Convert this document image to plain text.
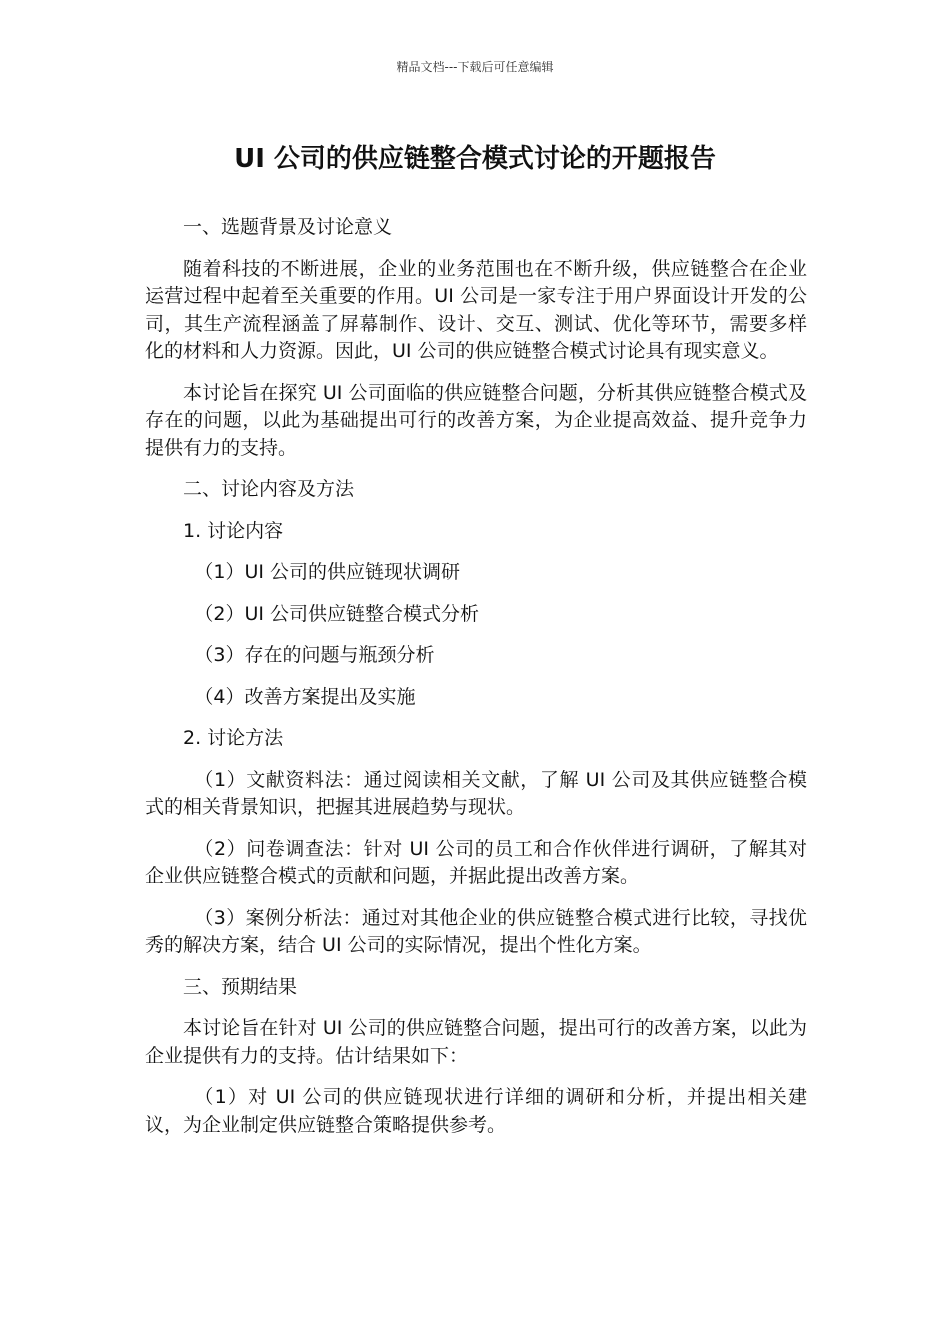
精品文档---下载后可任意编辑
UI 公司的供应链整合模式讨论的开题报告
一、选题背景及讨论意义

随着科技的不断进展，企业的业务范围也在不断升级，供应链整合在企业运营过程中起着至关重要的作用。UI 公司是一家专注于用户界面设计开发的公司，其生产流程涵盖了屏幕制作、设计、交互、测试、优化等环节，需要多样化的材料和人力资源。因此，UI 公司的供应链整合模式讨论具有现实意义。

本讨论旨在探究 UI 公司面临的供应链整合问题，分析其供应链整合模式及存在的问题，以此为基础提出可行的改善方案，为企业提高效益、提升竞争力提供有力的支持。

二、讨论内容及方法
1. 讨论内容
（1）UI 公司的供应链现状调研
（2）UI 公司供应链整合模式分析
（3）存在的问题与瓶颈分析
（4）改善方案提出及实施
2. 讨论方法

（1）文献资料法：通过阅读相关文献，了解 UI 公司及其供应链整合模式的相关背景知识，把握其进展趋势与现状。

（2）问卷调查法：针对 UI 公司的员工和合作伙伴进行调研，了解其对企业供应链整合模式的贡献和问题，并据此提出改善方案。

（3）案例分析法：通过对其他企业的供应链整合模式进行比较，寻找优秀的解决方案，结合 UI 公司的实际情况，提出个性化方案。

三、预期结果

本讨论旨在针对 UI 公司的供应链整合问题，提出可行的改善方案，以此为企业提供有力的支持。估计结果如下：

（1）对 UI 公司的供应链现状进行详细的调研和分析，并提出相关建议，为企业制定供应链整合策略提供参考。
